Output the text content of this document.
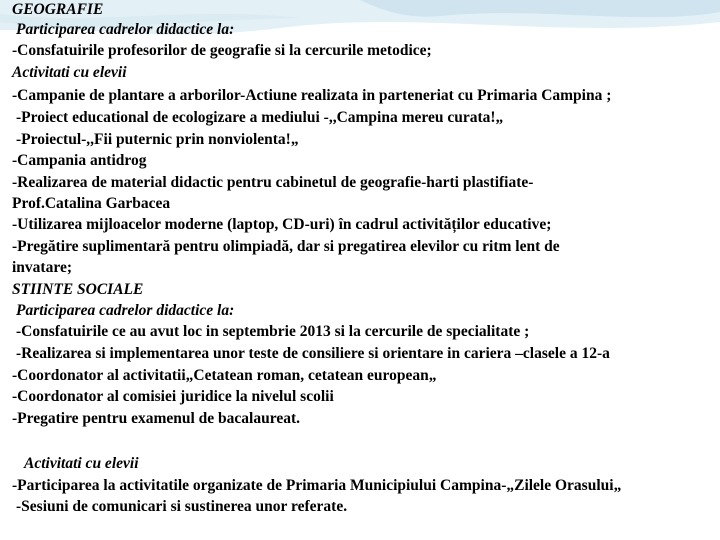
GEOGRAFIE
Participarea cadrelor didactice la:
-Consfatuirile profesorilor de geografie si la cercurile metodice;
Activitati cu elevii
-Campanie de plantare a arborilor-Actiune realizata in parteneriat cu Primaria Campina ;
-Proiect educational de ecologizare a mediului -,,Campina mereu curata!„
-Proiectul-,,Fii puternic prin nonviolenta!„
-Campania antidrog
-Realizarea de material didactic pentru cabinetul de geografie-harti plastifiate-
Prof.Catalina Garbacea
-Utilizarea mijloacelor moderne (laptop, CD-uri) în cadrul activităților educative;
-Pregătire suplimentară pentru olimpiadă, dar si pregatirea elevilor cu ritm lent de
invatare;
STIINTE SOCIALE
Participarea cadrelor didactice la:
-Consfatuirile ce au avut loc in septembrie 2013 si la cercurile de specialitate ;
-Realizarea si implementarea unor teste de consiliere si orientare in cariera –clasele a 12-a
-Coordonator al activitatii„Cetatean roman, cetatean european„
-Coordonator al comisiei juridice la nivelul scolii
-Pregatire pentru examenul de bacalaureat.
Activitati cu elevii
-Participarea la activitatile organizate de Primaria Municipiului Campina-„Zilele Orasului„
-Sesiuni de comunicari si sustinerea unor referate.
